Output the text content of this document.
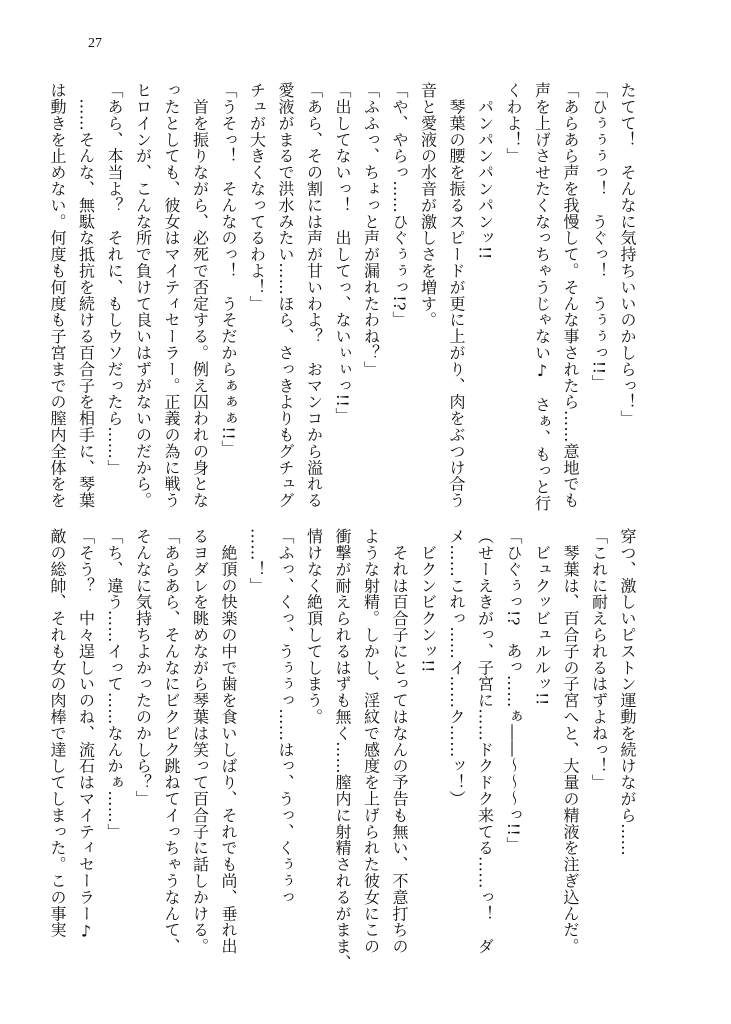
27
たてて！　そんなに気持ちいいのかしらっ！」
「ひぅぅぅっ！　うぐっ！　うぅぅっ!!」
「あらあら声を我慢して。そんな事されたら……意地でも
声を上げさせたくなっちゃうじゃない♪　さぁ、もっと行
くわよ！」
　パンパンパンパンッ!!
　琴葉の腰を振るスピードが更に上がり、肉をぶつけ合う
音と愛液の水音が激しさを増す。
「や、やらっ……ひぐぅぅっ!?」
「ふふっ、ちょっと声が漏れたわね？」
「出してないっ！　出してっ、ないぃぃっ!!」
「あら、その割には声が甘いわよ？　おマンコから溢れる
愛液がまるで洪水みたい……ほら、さっきよりもグチュグ
チュが大きくなってるわよ！」
「うそっ！　そんなのっ！　うそだからぁぁぁ!!」
　首を振りながら、必死で否定する。例え囚われの身とな
ったとしても、彼女はマイティセーラー。正義の為に戦う
ヒロインが、こんな所で負けて良いはずがないのだから。
「あら、本当よ？　それに、もしウソだったら……」
　……そんな、無駄な抵抗を続ける百合子を相手に、琴葉
は動きを止めない。何度も何度も子宮までの膣内全体をを
穿つ、激しいピストン運動を続けながら……
「これに耐えられるはずよねっ！」
　琴葉は、百合子の子宮へと、大量の精液を注ぎ込んだ。
　ビュクッビュルルッ!!
「ひぐぅっ!?　あっ……ぁ――〜〜〜っ!!」
（せーえきがっ、子宮に……ドクドク来てる……っ！　ダ
メ……これっ……イ……ク……ッ！）
　ビクンビクンッ!!
　それは百合子にとってはなんの予告も無い、不意打ちの
ような射精。しかし、淫紋で感度を上げられた彼女にこの
衝撃が耐えられるはずも無く……膣内に射精されるがまま、
情けなく絶頂してしまう。
「ふっ、くっ、うぅぅっ……はっ、うっ、くぅぅっ
……！」
　絶頂の快楽の中で歯を食いしばり、それでも尚、垂れ出
るヨダレを眺めながら琴葉は笑って百合子に話しかける。
「あらあら、そんなにビクビク跳ねてイっちゃうなんて、
そんなに気持ちよかったのかしら？」
「ち、違う……イって……なんかぁ……」
「そう？　中々逞しいのね、流石はマイティセーラー♪
敵の総帥、それも女の肉棒で達してしまった。この事実
